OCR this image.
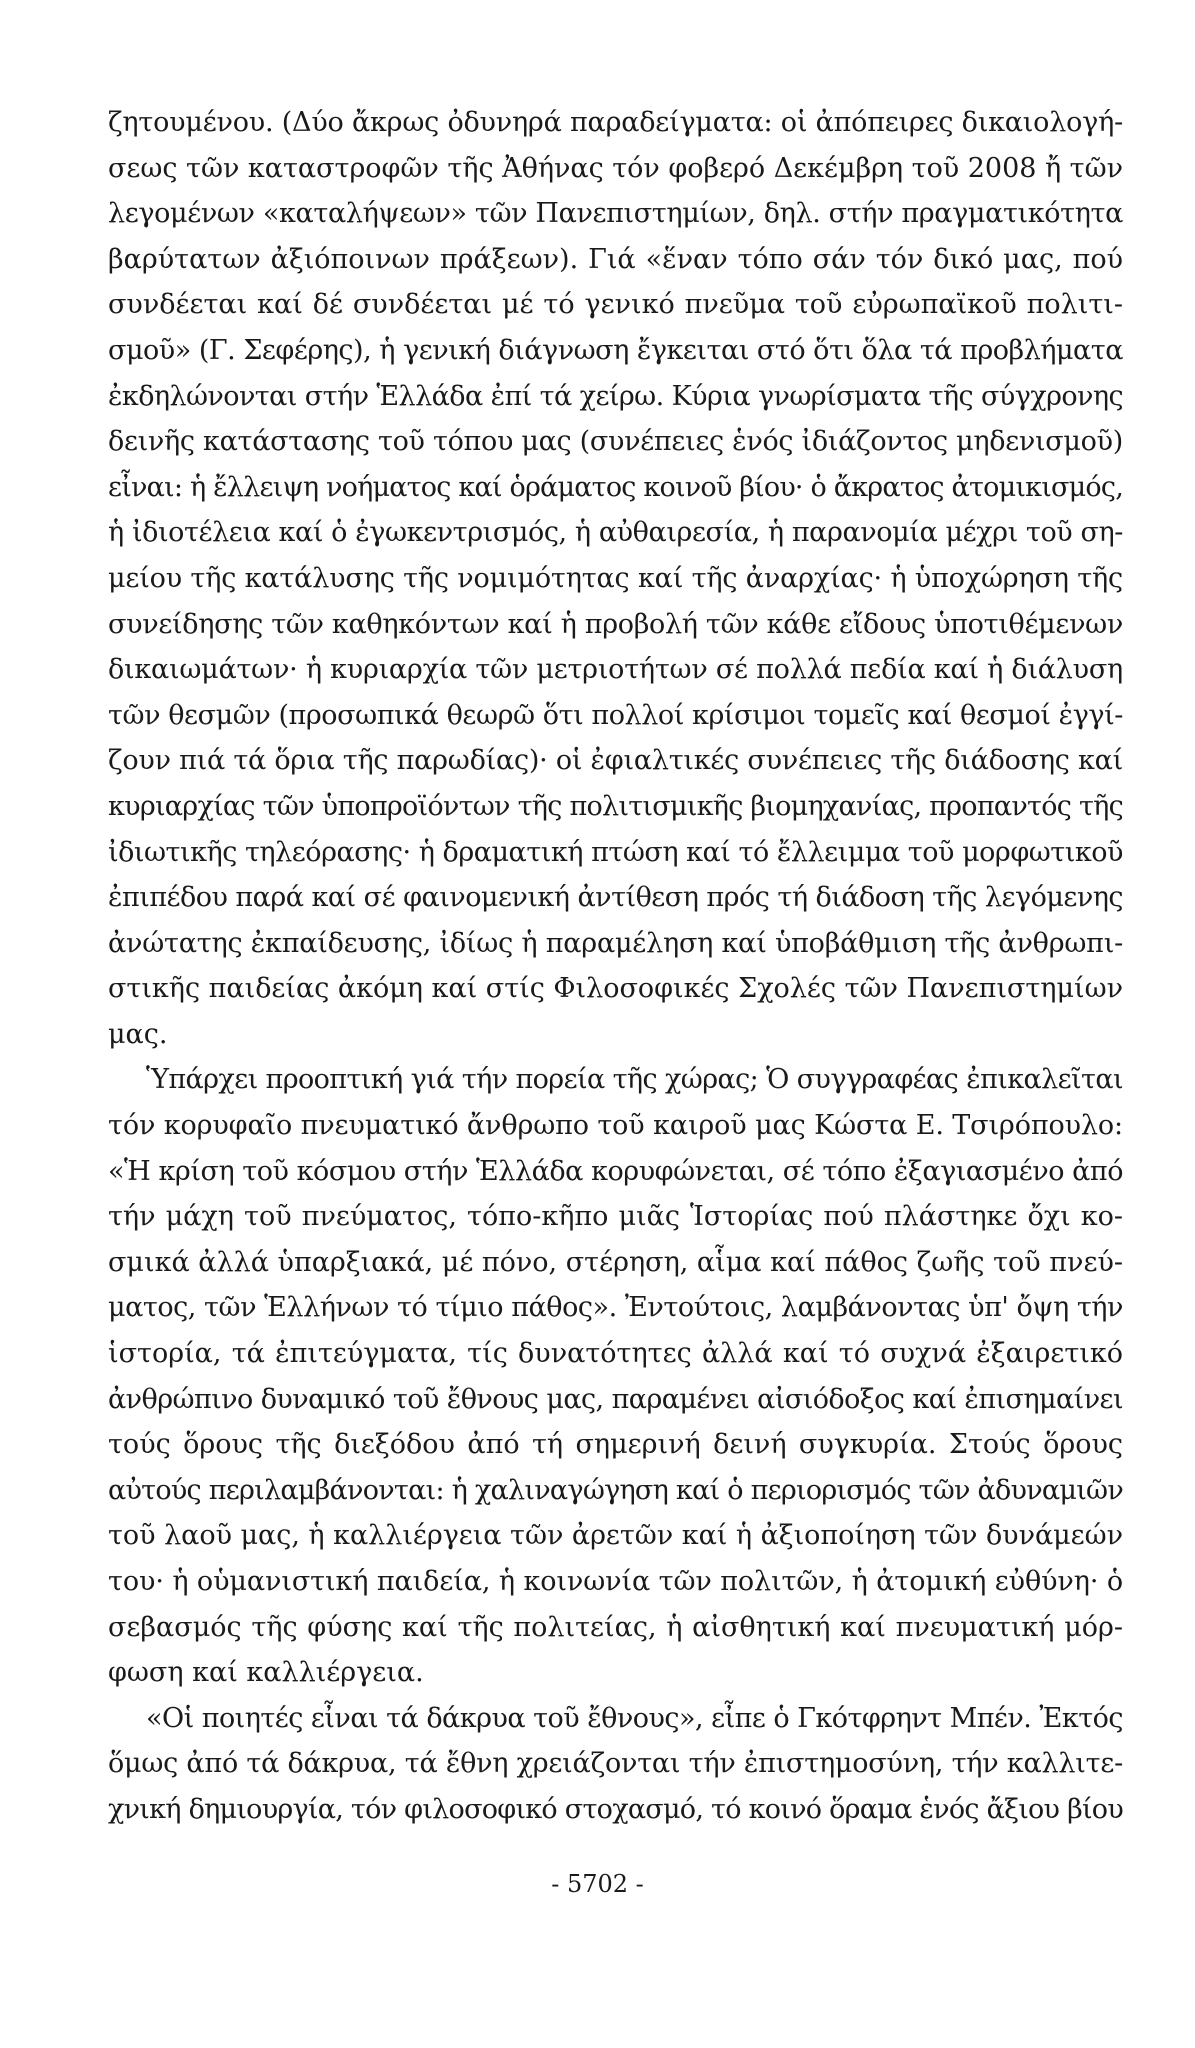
ζητουμένου. (Δύο ἄκρως ὀδυνηρά παραδείγματα: οἱ ἀπόπειρες δικαιολογή-
σεως τῶν καταστροφῶν τῆς Ἀθήνας τόν φοβερό Δεκέμβρη τοῦ 2008 ἤ τῶν
λεγομένων «καταλήψεων» τῶν Πανεπιστημίων, δηλ. στήν πραγματικότητα
βαρύτατων ἀξιόποινων πράξεων). Γιά «ἕναν τόπο σάν τόν δικό μας, πού
συνδέεται καί δέ συνδέεται μέ τό γενικό πνεῦμα τοῦ εὐρωπαϊκοῦ πολιτι-
σμοῦ» (Γ. Σεφέρης), ἡ γενική διάγνωση ἔγκειται στό ὅτι ὅλα τά προβλήματα
ἐκδηλώνονται στήν Ἑλλάδα ἐπί τά χείρω. Κύρια γνωρίσματα τῆς σύγχρονης
δεινῆς κατάστασης τοῦ τόπου μας (συνέπειες ἑνός ἰδιάζοντος μηδενισμοῦ)
εἶναι: ἡ ἔλλειψη νοήματος καί ὁράματος κοινοῦ βίου· ὁ ἄκρατος ἀτομικισμός,
ἡ ἰδιοτέλεια καί ὁ ἐγωκεντρισμός, ἡ αὐθαιρεσία, ἡ παρανομία μέχρι τοῦ ση-
μείου τῆς κατάλυσης τῆς νομιμότητας καί τῆς ἀναρχίας· ἡ ὑποχώρηση τῆς
συνείδησης τῶν καθηκόντων καί ἡ προβολή τῶν κάθε εἴδους ὑποτιθέμενων
δικαιωμάτων· ἡ κυριαρχία τῶν μετριοτήτων σέ πολλά πεδία καί ἡ διάλυση
τῶν θεσμῶν (προσωπικά θεωρῶ ὅτι πολλοί κρίσιμοι τομεῖς καί θεσμοί ἐγγί-
ζουν πιά τά ὅρια τῆς παρωδίας)· οἱ ἐφιαλτικές συνέπειες τῆς διάδοσης καί
κυριαρχίας τῶν ὑποπροϊόντων τῆς πολιτισμικῆς βιομηχανίας, προπαντός τῆς
ἰδιωτικῆς τηλεόρασης· ἡ δραματική πτώση καί τό ἔλλειμμα τοῦ μορφωτικοῦ
ἐπιπέδου παρά καί σέ φαινομενική ἀντίθεση πρός τή διάδοση τῆς λεγόμενης
ἀνώτατης ἐκπαίδευσης, ἰδίως ἡ παραμέληση καί ὑποβάθμιση τῆς ἀνθρωπι-
στικῆς παιδείας ἀκόμη καί στίς Φιλοσοφικές Σχολές τῶν Πανεπιστημίων
μας.
Ὑπάρχει προοπτική γιά τήν πορεία τῆς χώρας; Ὁ συγγραφέας ἐπικαλεῖται
τόν κορυφαῖο πνευματικό ἄνθρωπο τοῦ καιροῦ μας Κώστα Ε. Τσιρόπουλο:
«Ἡ κρίση τοῦ κόσμου στήν Ἑλλάδα κορυφώνεται, σέ τόπο ἐξαγιασμένο ἀπό
τήν μάχη τοῦ πνεύματος, τόπο-κῆπο μιᾶς Ἱστορίας πού πλάστηκε ὄχι κο-
σμικά ἀλλά ὑπαρξιακά, μέ πόνο, στέρηση, αἷμα καί πάθος ζωῆς τοῦ πνεύ-
ματος, τῶν Ἑλλήνων τό τίμιο πάθος». Ἐντούτοις, λαμβάνοντας ὑπ' ὄψη τήν
ἱστορία, τά ἐπιτεύγματα, τίς δυνατότητες ἀλλά καί τό συχνά ἐξαιρετικό
ἀνθρώπινο δυναμικό τοῦ ἔθνους μας, παραμένει αἰσιόδοξος καί ἐπισημαίνει
τούς ὅρους τῆς διεξόδου ἀπό τή σημερινή δεινή συγκυρία. Στούς ὅρους
αὐτούς περιλαμβάνονται: ἡ χαλιναγώγηση καί ὁ περιορισμός τῶν ἀδυναμιῶν
τοῦ λαοῦ μας, ἡ καλλιέργεια τῶν ἀρετῶν καί ἡ ἀξιοποίηση τῶν δυνάμεών
του· ἡ οὑμανιστική παιδεία, ἡ κοινωνία τῶν πολιτῶν, ἡ ἀτομική εὐθύνη· ὁ
σεβασμός τῆς φύσης καί τῆς πολιτείας, ἡ αἰσθητική καί πνευματική μόρ-
φωση καί καλλιέργεια.
«Οἱ ποιητές εἶναι τά δάκρυα τοῦ ἔθνους», εἶπε ὁ Γκότφρηντ Μπέν. Ἐκτός
ὅμως ἀπό τά δάκρυα, τά ἔθνη χρειάζονται τήν ἐπιστημοσύνη, τήν καλλιτε-
χνική δημιουργία, τόν φιλοσοφικό στοχασμό, τό κοινό ὅραμα ἑνός ἄξιου βίου
- 5702 -
